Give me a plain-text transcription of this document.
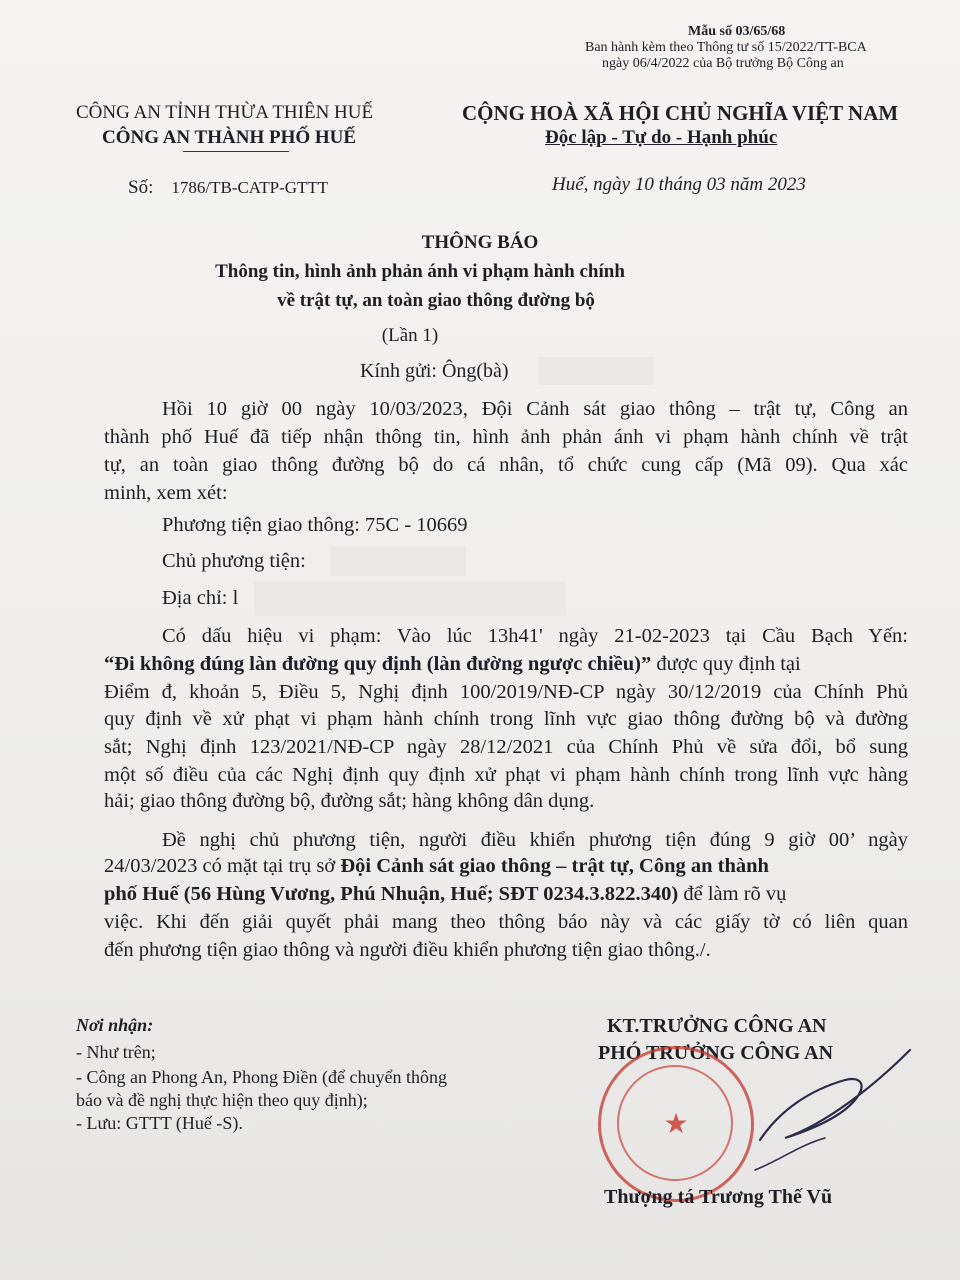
Mẫu số 03/65/68
Ban hành kèm theo Thông tư số 15/2022/TT-BCA
ngày 06/4/2022 của Bộ trưởng Bộ Công an
CÔNG AN TỈNH THỪA THIÊN HUẾ
CÔNG AN THÀNH PHỐ HUẾ
CỘNG HOÀ XÃ HỘI CHỦ NGHĨA VIỆT NAM
Độc lập - Tự do - Hạnh phúc
Số: 1786/TB-CATP-GTTT	Huế, ngày 10 tháng 03 năm 2023
THÔNG BÁO
Thông tin, hình ảnh phản ánh vi phạm hành chính
về trật tự, an toàn giao thông đường bộ
(Lần 1)
Kính gửi: Ông(bà)
Hồi 10 giờ 00 ngày 10/03/2023, Đội Cảnh sát giao thông – trật tự, Công an
thành phố Huế đã tiếp nhận thông tin, hình ảnh phản ánh vi phạm hành chính về trật
tự, an toàn giao thông đường bộ do cá nhân, tổ chức cung cấp (Mã 09). Qua xác
minh, xem xét:
Phương tiện giao thông: 75C - 10669
Chủ phương tiện:
Địa chỉ: l
Có dấu hiệu vi phạm: Vào lúc 13h41' ngày 21-02-2023 tại Cầu Bạch Yến:
“Đi không đúng làn đường quy định (làn đường ngược chiều)” được quy định tại
Điểm đ, khoản 5, Điều 5, Nghị định 100/2019/NĐ-CP ngày 30/12/2019 của Chính Phủ
quy định về xử phạt vi phạm hành chính trong lĩnh vực giao thông đường bộ và đường
sắt; Nghị định 123/2021/NĐ-CP ngày 28/12/2021 của Chính Phủ về sửa đổi, bổ sung
một số điều của các Nghị định quy định xử phạt vi phạm hành chính trong lĩnh vực hàng
hải; giao thông đường bộ, đường sắt; hàng không dân dụng.
Đề nghị chủ phương tiện, người điều khiển phương tiện đúng 9 giờ 00’ ngày
24/03/2023 có mặt tại trụ sở Đội Cảnh sát giao thông – trật tự, Công an thành
phố Huế (56 Hùng Vương, Phú Nhuận, Huế; SĐT 0234.3.822.340) để làm rõ vụ
việc. Khi đến giải quyết phải mang theo thông báo này và các giấy tờ có liên quan
đến phương tiện giao thông và người điều khiển phương tiện giao thông./.
Nơi nhận:
- Như trên;
- Công an Phong An, Phong Điền (để chuyển thông
báo và đề nghị thực hiện theo quy định);
- Lưu: GTTT (Huế -S).
KT.TRƯỞNG CÔNG AN
PHÓ TRƯỞNG CÔNG AN
★
Thượng tá Trương Thế Vũ
